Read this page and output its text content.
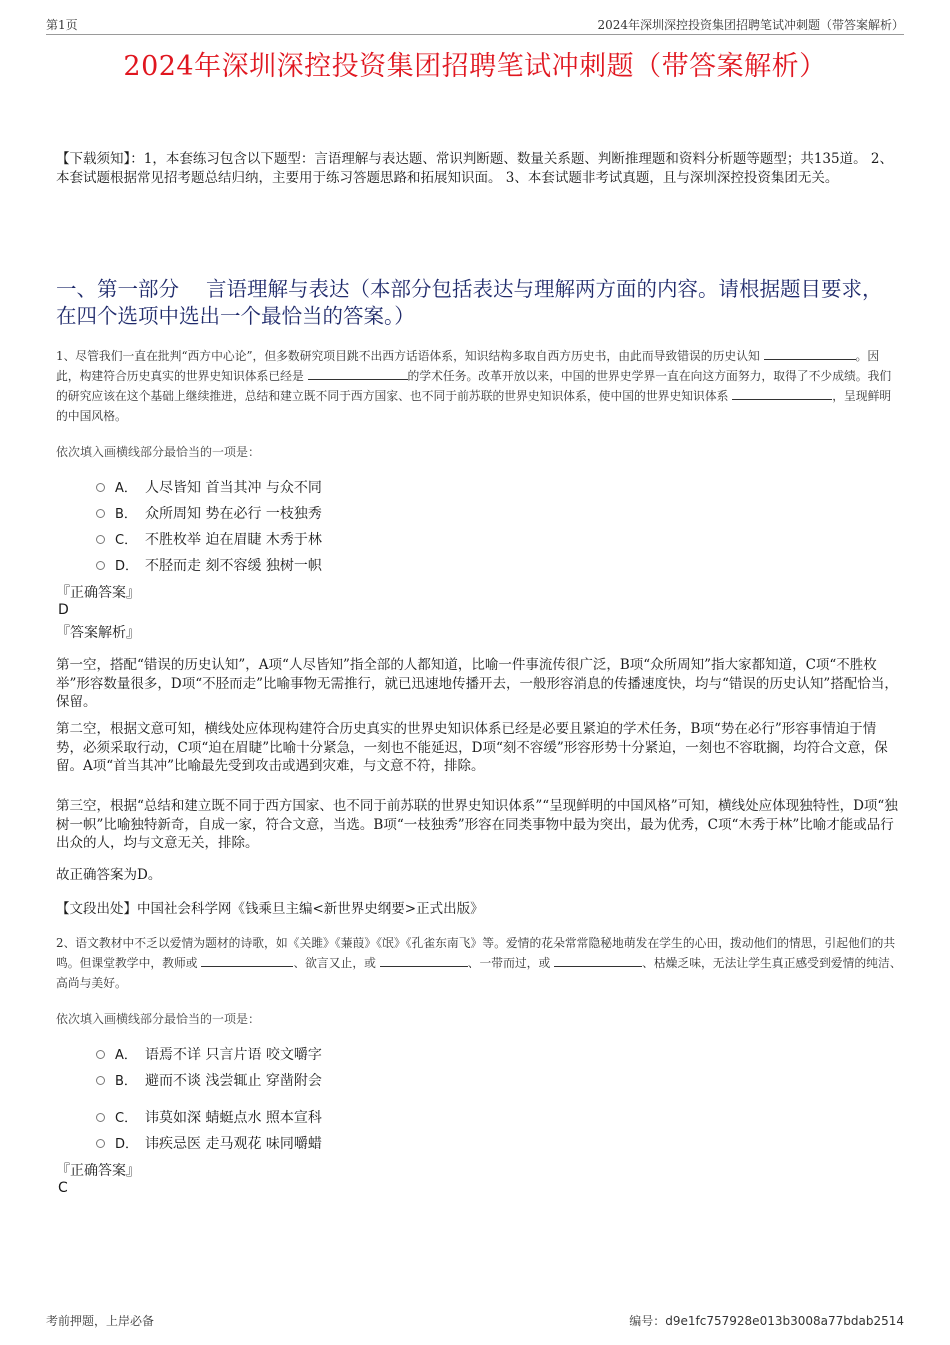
第1页	2024年深圳深控投资集团招聘笔试冲刺题（带答案解析）
2024年深圳深控投资集团招聘笔试冲刺题（带答案解析）
【下载须知】：1，本套练习包含以下题型：言语理解与表达题、常识判断题、数量关系题、判断推理题和资料分析题等题型；共135道。 2、本套试题根据常见招考题总结归纳，主要用于练习答题思路和拓展知识面。 3、本套试题非考试真题，且与深圳深控投资集团无关。
一、第一部分　 言语理解与表达（本部分包括表达与理解两方面的内容。请根据题目要求，在四个选项中选出一个最恰当的答案。）
1、尽管我们一直在批判“西方中心论”，但多数研究项目跳不出西方话语体系，知识结构多取自西方历史书，由此而导致错误的历史认知	。因此，构建符合历史真实的世界史知识体系已经是	的学术任务。改革开放以来，中国的世界史学界一直在向这方面努力，取得了不少成绩。我们的研究应该在这个基础上继续推进，总结和建立既不同于西方国家、也不同于前苏联的世界史知识体系，使中国的世界史知识体系	，呈现鲜明的中国风格。
依次填入画横线部分最恰当的一项是：
A． 人尽皆知 首当其冲 与众不同
B． 众所周知 势在必行 一枝独秀
C． 不胜枚举 迫在眉睫 木秀于林
D． 不胫而走 刻不容缓 独树一帜
『正确答案』
D
『答案解析』
第一空，搭配“错误的历史认知”，A项“人尽皆知”指全部的人都知道，比喻一件事流传很广泛，B项“众所周知”指大家都知道，C项“不胜枚举”形容数量很多，D项“不胫而走”比喻事物无需推行，就已迅速地传播开去，一般形容消息的传播速度快，均与“错误的历史认知”搭配恰当，保留。
第二空，根据文意可知，横线处应体现构建符合历史真实的世界史知识体系已经是必要且紧迫的学术任务，B项“势在必行”形容事情迫于情势，必须采取行动，C项“迫在眉睫”比喻十分紧急，一刻也不能延迟，D项“刻不容缓”形容形势十分紧迫，一刻也不容耽搁，均符合文意，保留。A项“首当其冲”比喻最先受到攻击或遇到灾难，与文意不符，排除。
第三空，根据“总结和建立既不同于西方国家、也不同于前苏联的世界史知识体系”“呈现鲜明的中国风格”可知，横线处应体现独特性，D项“独树一帜”比喻独特新奇，自成一家，符合文意，当选。B项“一枝独秀”形容在同类事物中最为突出，最为优秀，C项“木秀于林”比喻才能或品行出众的人，均与文意无关，排除。
故正确答案为D。
【文段出处】中国社会科学网《钱乘旦主编<新世界史纲要>正式出版》
2、语文教材中不乏以爱情为题材的诗歌，如《关雎》《蒹葭》《氓》《孔雀东南飞》等。爱情的花朵常常隐秘地萌发在学生的心田，拨动他们的情思，引起他们的共鸣。但课堂教学中，教师或	、欲言又止，或	、一带而过，或	、枯燥乏味，无法让学生真正感受到爱情的纯洁、高尚与美好。
依次填入画横线部分最恰当的一项是：
A． 语焉不详 只言片语 咬文嚼字
B． 避而不谈 浅尝辄止 穿凿附会
C． 讳莫如深 蜻蜓点水 照本宣科
D． 讳疾忌医 走马观花 味同嚼蜡
『正确答案』
C
考前押题，上岸必备	编号：d9e1fc757928e013b3008a77bdab2514
